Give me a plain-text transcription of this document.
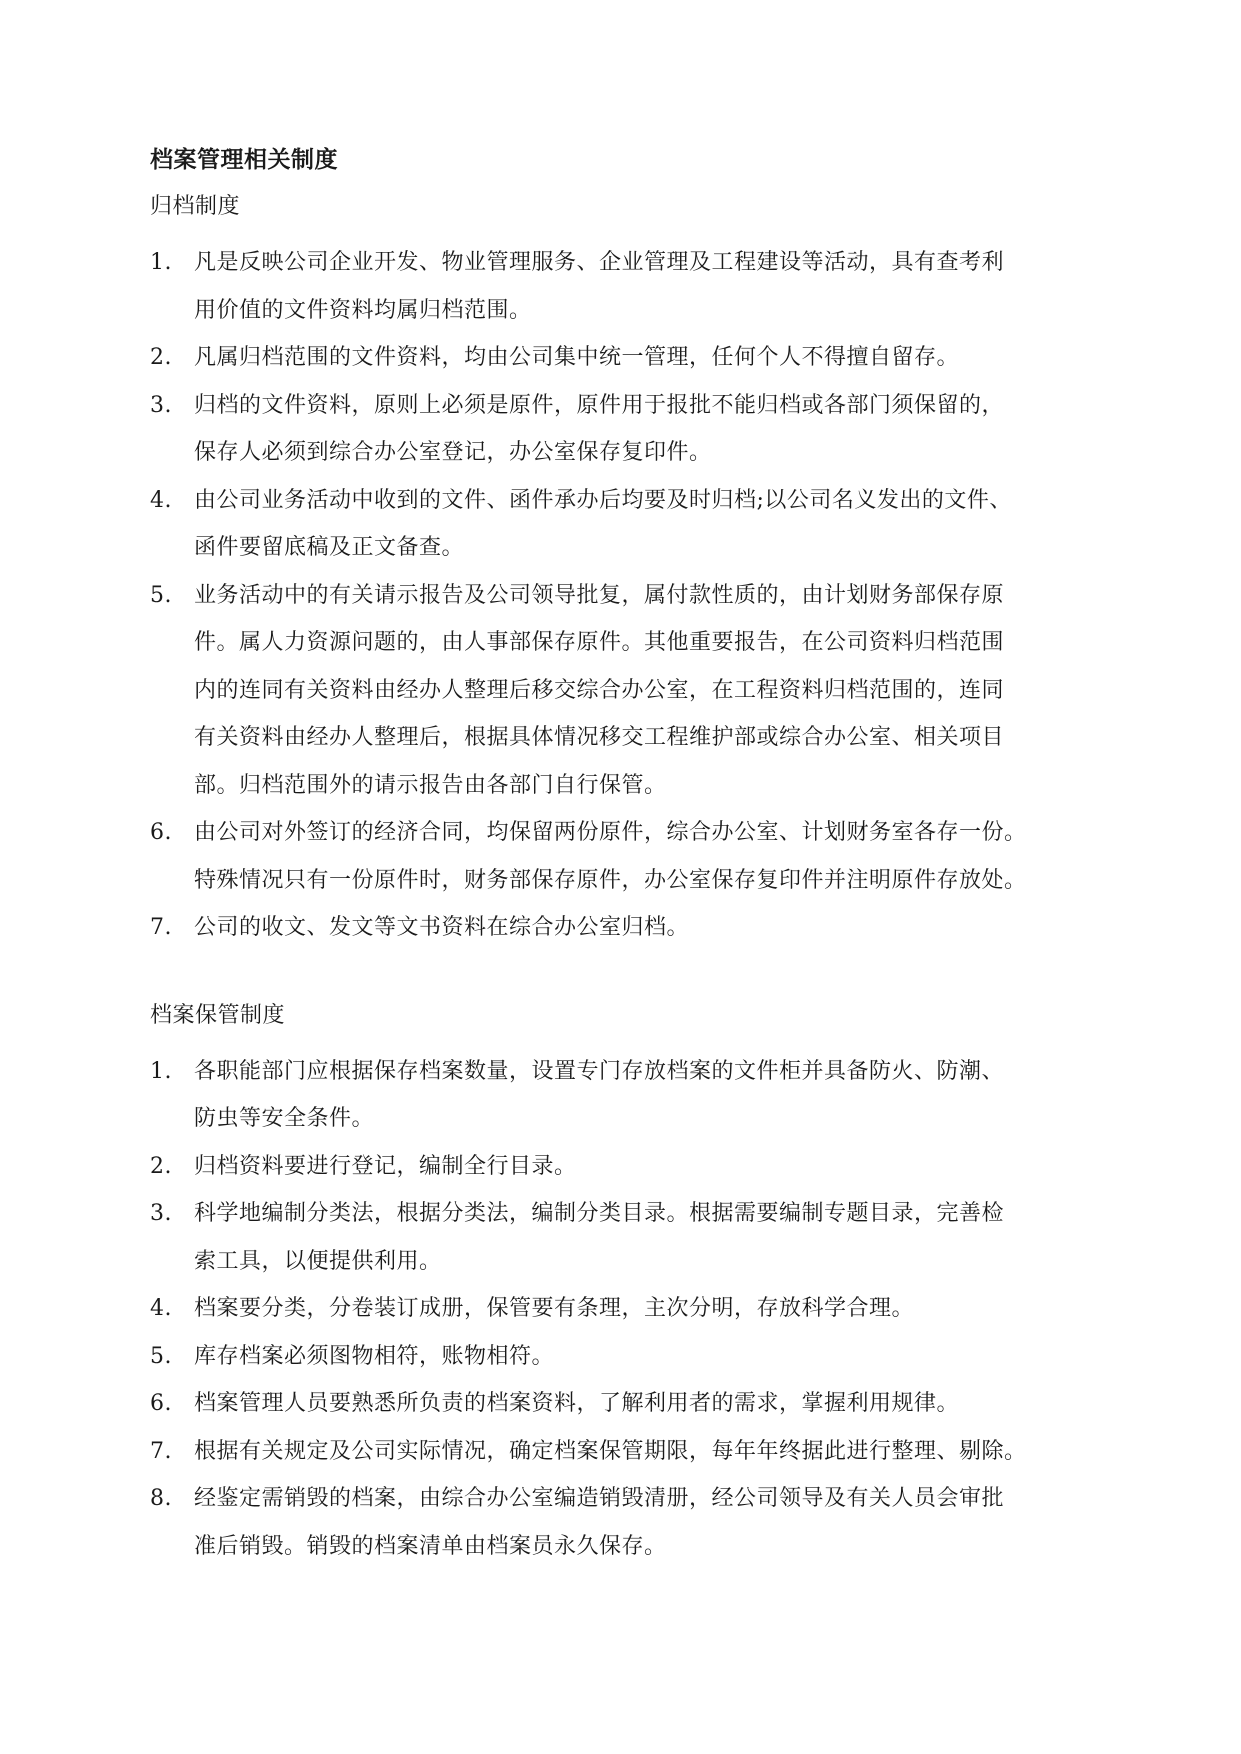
档案管理相关制度
归档制度
1.	凡是反映公司企业开发、物业管理服务、企业管理及工程建设等活动，具有查考利
用价值的文件资料均属归档范围。
2.	凡属归档范围的文件资料，均由公司集中统一管理，任何个人不得擅自留存。
3.	归档的文件资料，原则上必须是原件，原件用于报批不能归档或各部门须保留的，
保存人必须到综合办公室登记，办公室保存复印件。
4.	由公司业务活动中收到的文件、函件承办后均要及时归档;以公司名义发出的文件、
函件要留底稿及正文备查。
5.	业务活动中的有关请示报告及公司领导批复，属付款性质的，由计划财务部保存原
件。属人力资源问题的，由人事部保存原件。其他重要报告，在公司资料归档范围
内的连同有关资料由经办人整理后移交综合办公室，在工程资料归档范围的，连同
有关资料由经办人整理后，根据具体情况移交工程维护部或综合办公室、相关项目
部。归档范围外的请示报告由各部门自行保管。
6.	由公司对外签订的经济合同，均保留两份原件，综合办公室、计划财务室各存一份。
特殊情况只有一份原件时，财务部保存原件，办公室保存复印件并注明原件存放处。
7.	公司的收文、发文等文书资料在综合办公室归档。
档案保管制度
1.	各职能部门应根据保存档案数量，设置专门存放档案的文件柜并具备防火、防潮、
防虫等安全条件。
2.	归档资料要进行登记，编制全行目录。
3.	科学地编制分类法，根据分类法，编制分类目录。根据需要编制专题目录，完善检
索工具，以便提供利用。
4.	档案要分类，分卷装订成册，保管要有条理，主次分明，存放科学合理。
5.	库存档案必须图物相符，账物相符。
6.	档案管理人员要熟悉所负责的档案资料，了解利用者的需求，掌握利用规律。
7.	根据有关规定及公司实际情况，确定档案保管期限，每年年终据此进行整理、剔除。
8.	经鉴定需销毁的档案，由综合办公室编造销毁清册，经公司领导及有关人员会审批
准后销毁。销毁的档案清单由档案员永久保存。
